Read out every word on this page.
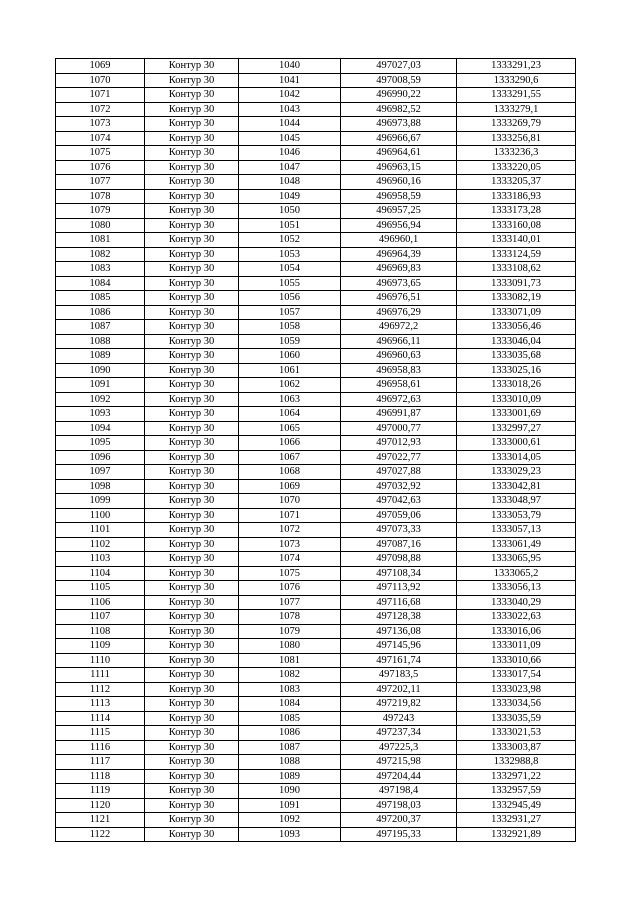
1069	Контур 30	1040	497027,03	1333291,23
1070	Контур 30	1041	497008,59	1333290,6
1071	Контур 30	1042	496990,22	1333291,55
1072	Контур 30	1043	496982,52	1333279,1
1073	Контур 30	1044	496973,88	1333269,79
1074	Контур 30	1045	496966,67	1333256,81
1075	Контур 30	1046	496964,61	1333236,3
1076	Контур 30	1047	496963,15	1333220,05
1077	Контур 30	1048	496960,16	1333205,37
1078	Контур 30	1049	496958,59	1333186,93
1079	Контур 30	1050	496957,25	1333173,28
1080	Контур 30	1051	496956,94	1333160,08
1081	Контур 30	1052	496960,1	1333140,01
1082	Контур 30	1053	496964,39	1333124,59
1083	Контур 30	1054	496969,83	1333108,62
1084	Контур 30	1055	496973,65	1333091,73
1085	Контур 30	1056	496976,51	1333082,19
1086	Контур 30	1057	496976,29	1333071,09
1087	Контур 30	1058	496972,2	1333056,46
1088	Контур 30	1059	496966,11	1333046,04
1089	Контур 30	1060	496960,63	1333035,68
1090	Контур 30	1061	496958,83	1333025,16
1091	Контур 30	1062	496958,61	1333018,26
1092	Контур 30	1063	496972,63	1333010,09
1093	Контур 30	1064	496991,87	1333001,69
1094	Контур 30	1065	497000,77	1332997,27
1095	Контур 30	1066	497012,93	1333000,61
1096	Контур 30	1067	497022,77	1333014,05
1097	Контур 30	1068	497027,88	1333029,23
1098	Контур 30	1069	497032,92	1333042,81
1099	Контур 30	1070	497042,63	1333048,97
1100	Контур 30	1071	497059,06	1333053,79
1101	Контур 30	1072	497073,33	1333057,13
1102	Контур 30	1073	497087,16	1333061,49
1103	Контур 30	1074	497098,88	1333065,95
1104	Контур 30	1075	497108,34	1333065,2
1105	Контур 30	1076	497113,92	1333056,13
1106	Контур 30	1077	497116,68	1333040,29
1107	Контур 30	1078	497128,38	1333022,63
1108	Контур 30	1079	497136,08	1333016,06
1109	Контур 30	1080	497145,96	1333011,09
1110	Контур 30	1081	497161,74	1333010,66
1111	Контур 30	1082	497183,5	1333017,54
1112	Контур 30	1083	497202,11	1333023,98
1113	Контур 30	1084	497219,82	1333034,56
1114	Контур 30	1085	497243	1333035,59
1115	Контур 30	1086	497237,34	1333021,53
1116	Контур 30	1087	497225,3	1333003,87
1117	Контур 30	1088	497215,98	1332988,8
1118	Контур 30	1089	497204,44	1332971,22
1119	Контур 30	1090	497198,4	1332957,59
1120	Контур 30	1091	497198,03	1332945,49
1121	Контур 30	1092	497200,37	1332931,27
1122	Контур 30	1093	497195,33	1332921,89
